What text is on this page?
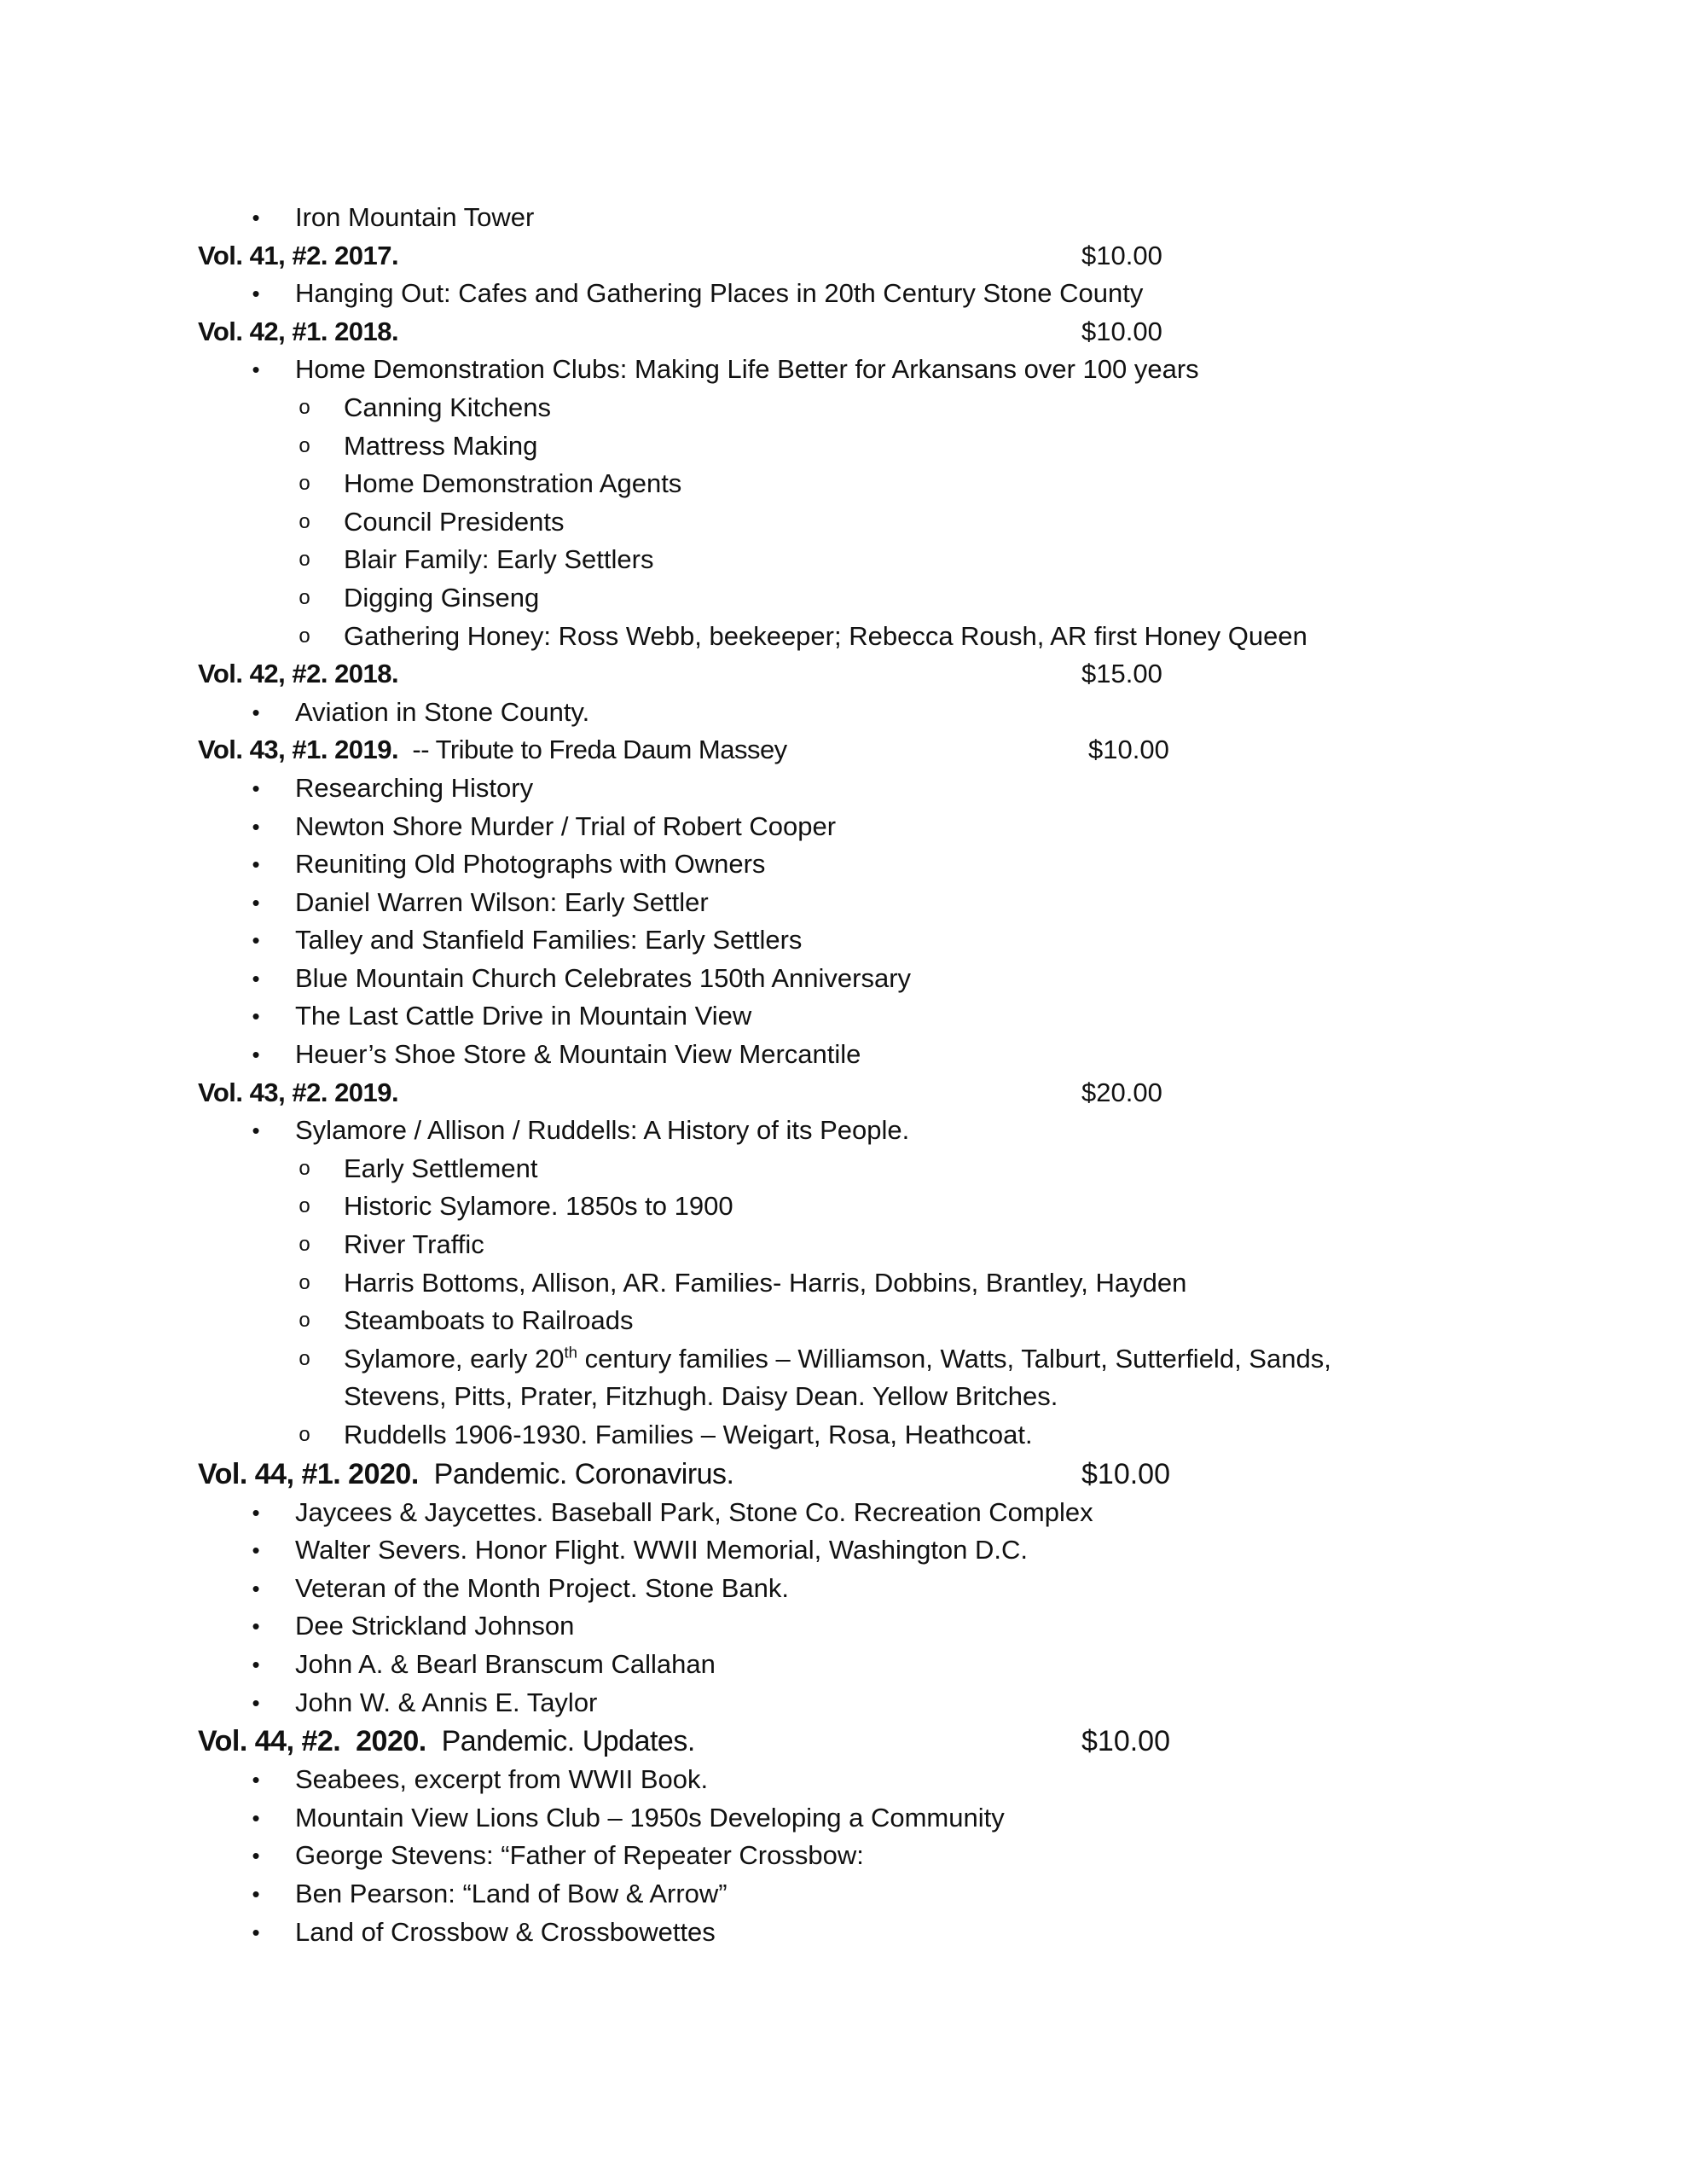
• Iron Mountain Tower
Vol. 41, #2. 2017.	$10.00
• Hanging Out: Cafes and Gathering Places in 20th Century Stone County
Vol. 42, #1. 2018.	$10.00
• Home Demonstration Clubs: Making Life Better for Arkansans over 100 years
o Canning Kitchens
o Mattress Making
o Home Demonstration Agents
o Council Presidents
o Blair Family: Early Settlers
o Digging Ginseng
o Gathering Honey: Ross Webb, beekeeper; Rebecca Roush, AR first Honey Queen
Vol. 42, #2. 2018.	$15.00
• Aviation in Stone County.
Vol. 43, #1. 2019.  -- Tribute to Freda Daum Massey	$10.00
• Researching History
• Newton Shore Murder / Trial of Robert Cooper
• Reuniting Old Photographs with Owners
• Daniel Warren Wilson: Early Settler
• Talley and Stanfield Families: Early Settlers
• Blue Mountain Church Celebrates 150th Anniversary
• The Last Cattle Drive in Mountain View
• Heuer’s Shoe Store & Mountain View Mercantile
Vol. 43, #2. 2019.	$20.00
• Sylamore / Allison / Ruddells: A History of its People.
o Early Settlement
o Historic Sylamore. 1850s to 1900
o River Traffic
o Harris Bottoms, Allison, AR. Families- Harris, Dobbins, Brantley, Hayden
o Steamboats to Railroads
o Sylamore, early 20th century families – Williamson, Watts, Talburt, Sutterfield, Sands,
Stevens, Pitts, Prater, Fitzhugh. Daisy Dean. Yellow Britches.
o Ruddells 1906-1930. Families – Weigart, Rosa, Heathcoat.
Vol. 44, #1. 2020.  Pandemic. Coronavirus.	$10.00
• Jaycees & Jaycettes. Baseball Park, Stone Co. Recreation Complex
• Walter Severs. Honor Flight. WWII Memorial, Washington D.C.
• Veteran of the Month Project. Stone Bank.
• Dee Strickland Johnson
• John A. & Bearl Branscum Callahan
• John W. & Annis E. Taylor
Vol. 44, #2.  2020.  Pandemic. Updates.	$10.00
• Seabees, excerpt from WWII Book.
• Mountain View Lions Club – 1950s Developing a Community
• George Stevens: “Father of Repeater Crossbow:
• Ben Pearson: “Land of Bow & Arrow”
• Land of Crossbow & Crossbowettes
